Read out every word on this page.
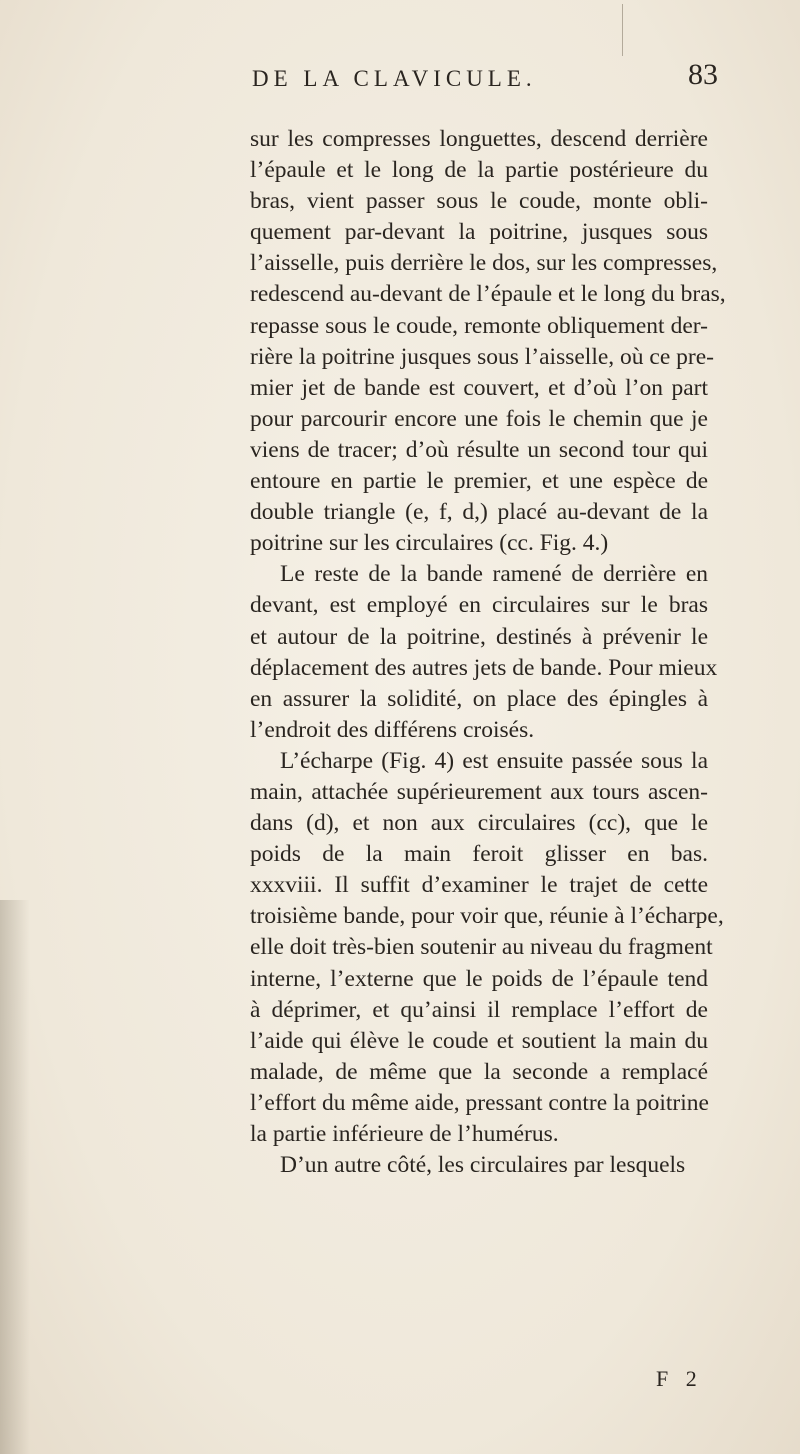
DE LA CLAVICULE.	83
sur les compresses longuettes, descend derrière
l’épaule et le long de la partie postérieure du
bras, vient passer sous le coude, monte obli-
quement par-devant la poitrine, jusques sous
l’aisselle, puis derrière le dos, sur les compresses,
redescend au-devant de l’épaule et le long du bras,
repasse sous le coude, remonte obliquement der-
rière la poitrine jusques sous l’aisselle, où ce pre-
mier jet de bande est couvert, et d’où l’on part
pour parcourir encore une fois le chemin que je
viens de tracer; d’où résulte un second tour qui
entoure en partie le premier, et une espèce de
double triangle (e, f, d,) placé au-devant de la
poitrine sur les circulaires (cc. Fig. 4.)
Le reste de la bande ramené de derrière en
devant, est employé en circulaires sur le bras
et autour de la poitrine, destinés à prévenir le
déplacement des autres jets de bande. Pour mieux
en assurer la solidité, on place des épingles à
l’endroit des différens croisés.
L’écharpe (Fig. 4) est ensuite passée sous la
main, attachée supérieurement aux tours ascen-
dans (d), et non aux circulaires (cc), que le
poids de la main feroit glisser en bas.
xxxviii. Il suffit d’examiner le trajet de cette
troisième bande, pour voir que, réunie à l’écharpe,
elle doit très-bien soutenir au niveau du fragment
interne, l’externe que le poids de l’épaule tend
à déprimer, et qu’ainsi il remplace l’effort de
l’aide qui élève le coude et soutient la main du
malade, de même que la seconde a remplacé
l’effort du même aide, pressant contre la poitrine
la partie inférieure de l’humérus.
D’un autre côté, les circulaires par lesquels
F 2
